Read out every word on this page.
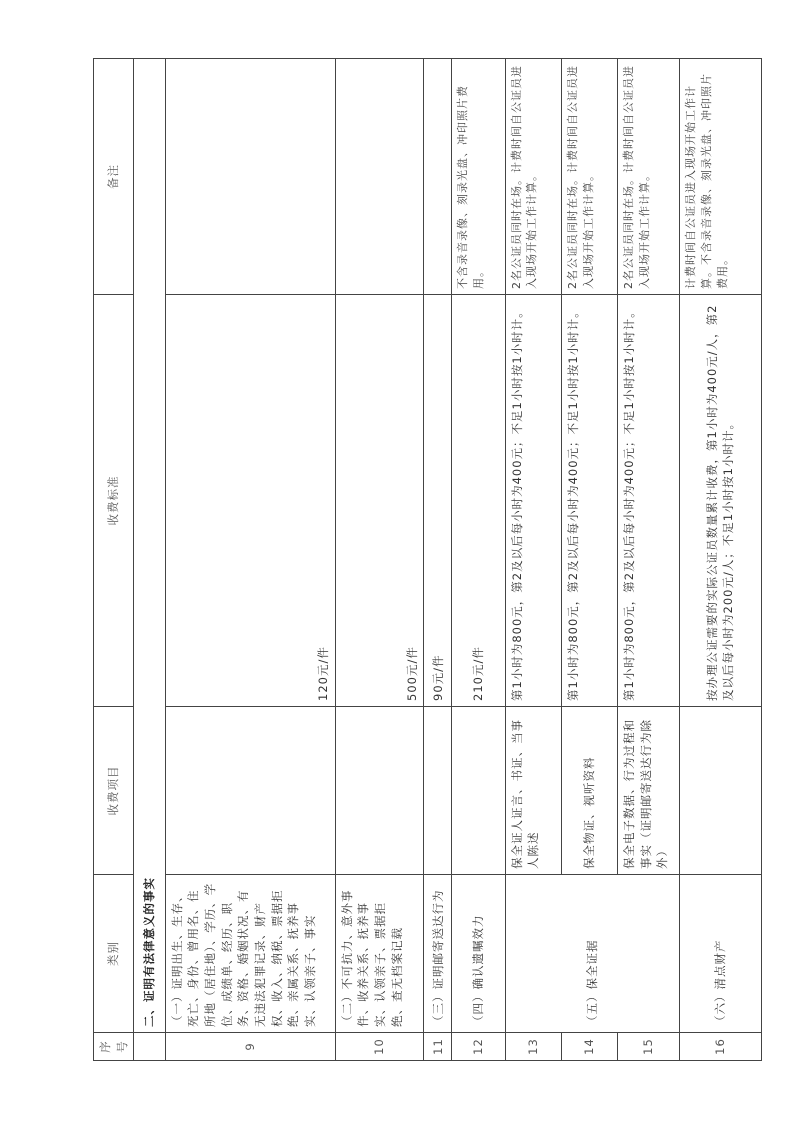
序号	类别	收费项目	收费标准	备注
	二、证明有法律意义的事实			
9	（一）证明出生、生存、死亡、身份、曾用名、住所地（居住地）、学历、学位、成绩单、经历、职务、资格、婚姻状况、有无违法犯罪记录、财产权、收入、纳税、票据拒绝、亲属关系、抚养事实、认领亲子、事实		120元/件	
10	（二）不可抗力、意外事件、收养关系、抚养事实、认领亲子、票据拒绝、查无档案记载		500元/件	
11	（三）证明邮寄送达行为		90元/件	
12	（四）确认遗嘱效力		210元/件	不含录音录像、刻录光盘、冲印照片费用。
13	（五）保全证据	保全证人证言、书证、当事人陈述	第1小时为800元，第2及以后每小时为400元；不足1小时按1小时计。	2名公证员同时在场。计费时间自公证员进入现场开始工作计算。
14		保全物证、视听资料	第1小时为800元，第2及以后每小时为400元；不足1小时按1小时计。	2名公证员同时在场。计费时间自公证员进入现场开始工作计算。
15		保全电子数据、行为过程和事实（证明邮寄送达行为除外）	第1小时为800元，第2及以后每小时为400元；不足1小时按1小时计。	2名公证员同时在场。计费时间自公证员进入现场开始工作计算。
16	（六）清点财产		按办理公证需要的实际公证员数量累计收费，第1小时为400元/人，第2及以后每小时为200元/人；不足1小时按1小时计。	计费时间自公证员进入现场开始工作计算。不含录音录像、刻录光盘、冲印照片费用。
